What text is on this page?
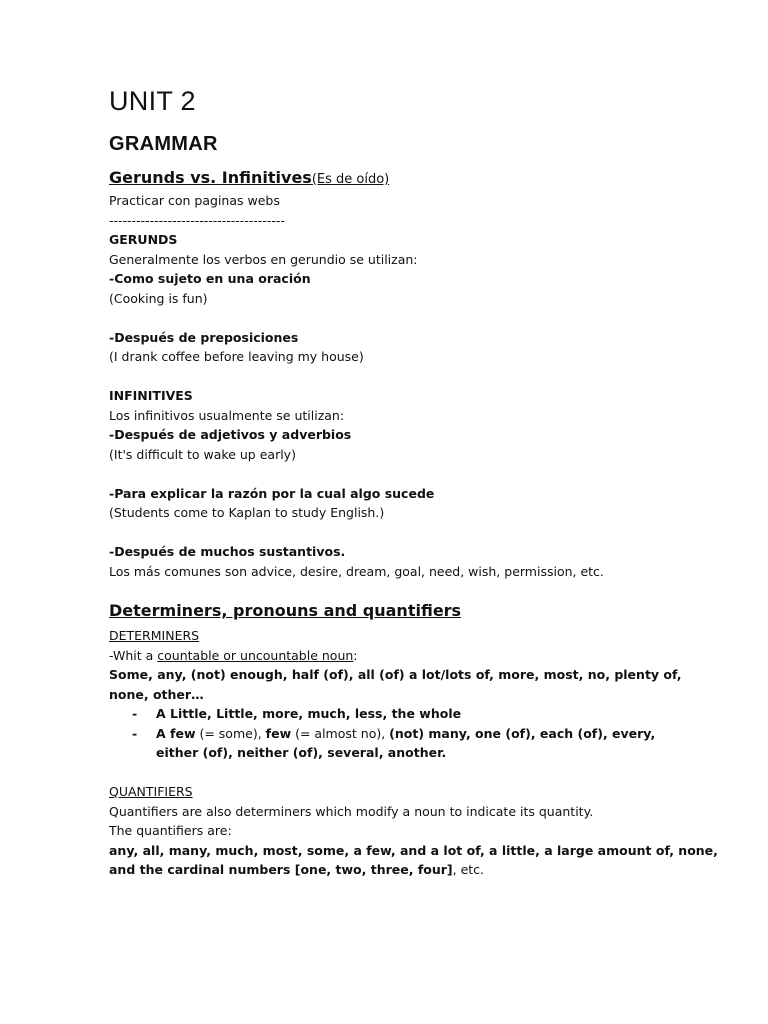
UNIT 2
GRAMMAR
Gerunds vs. Infinitives(Es de oído)
Practicar con paginas webs
---------------------------------------
GERUNDS
Generalmente los verbos en gerundio se utilizan:
-Como sujeto en una oración
(Cooking is fun)
-Después de preposiciones
(I drank coffee before leaving my house)
INFINITIVES
Los infinitivos usualmente se utilizan:
-Después de adjetivos y adverbios
(It's difficult to wake up early)
-Para explicar la razón por la cual algo sucede
(Students come to Kaplan to study English.)
-Después de muchos sustantivos.
Los más comunes son advice, desire, dream, goal, need, wish, permission, etc.
Determiners, pronouns and quantifiers
DETERMINERS
-Whit a countable or uncountable noun:
Some, any, (not) enough, half (of), all (of) a lot/lots of, more, most, no, plenty of,
none, other…
- A Little, Little, more, much, less, the whole
- A few (= some), few (= almost no), (not) many, one (of), each (of), every,
either (of), neither (of), several, another.
QUANTIFIERS
Quantifiers are also determiners which modify a noun to indicate its quantity.
The quantifiers are:
any, all, many, much, most, some, a few, and a lot of, a little, a large amount of, none,
and the cardinal numbers [one, two, three, four], etc.
